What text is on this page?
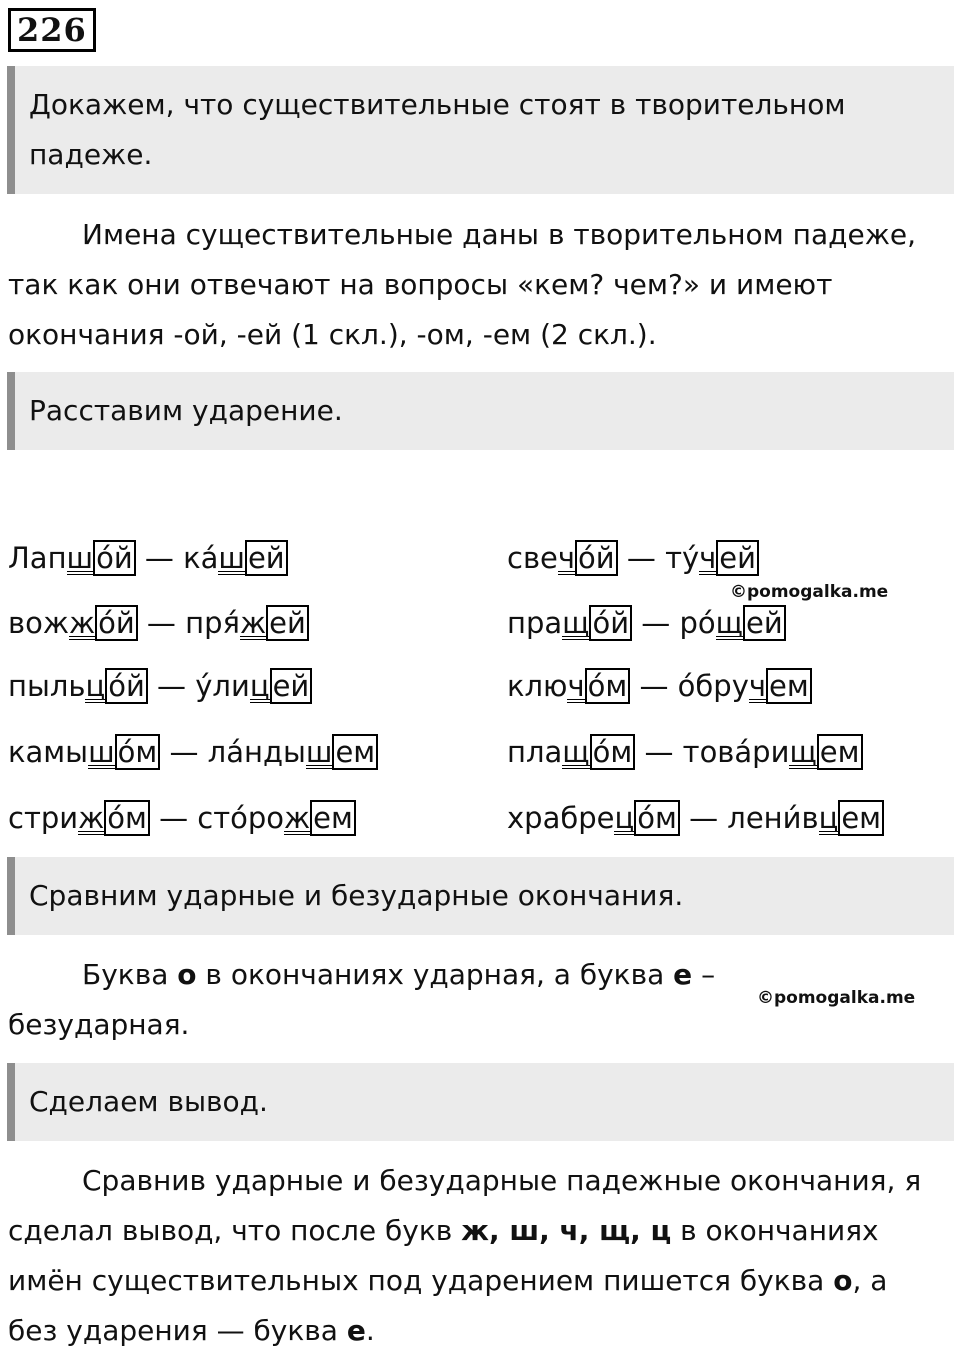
226
Докажем, что существительные стоят в творительном падеже.
Имена существительные даны в творительном падеже, так как они отвечают на вопросы «кем? чем?» и имеют окончания -ой, -ей (1 скл.), -ом, -ем (2 скл.).
Расставим ударение.
Лапш о́й — ка́ш ей	свеч о́й — ту́ч ей
©pomogalka.me
вожж о́й — пря́ж ей	пращ о́й — ро́щ ей
пыльц о́й — у́лиц ей	ключ о́м — о́бруч ем
камыш о́м — ла́ндыш ем	плащ о́м — това́рищ ем
стриж о́м — сто́рож ем	храбрец о́м — лени́вц ем
Сравним ударные и безударные окончания.
Буква о в окончаниях ударная, а буква е – безударная.
©pomogalka.me
Сделаем вывод.
Сравнив ударные и безударные падежные окончания, я сделал вывод, что после букв ж, ш, ч, щ, ц в окончаниях имён существительных под ударением пишется буква о, а без ударения — буква е.
